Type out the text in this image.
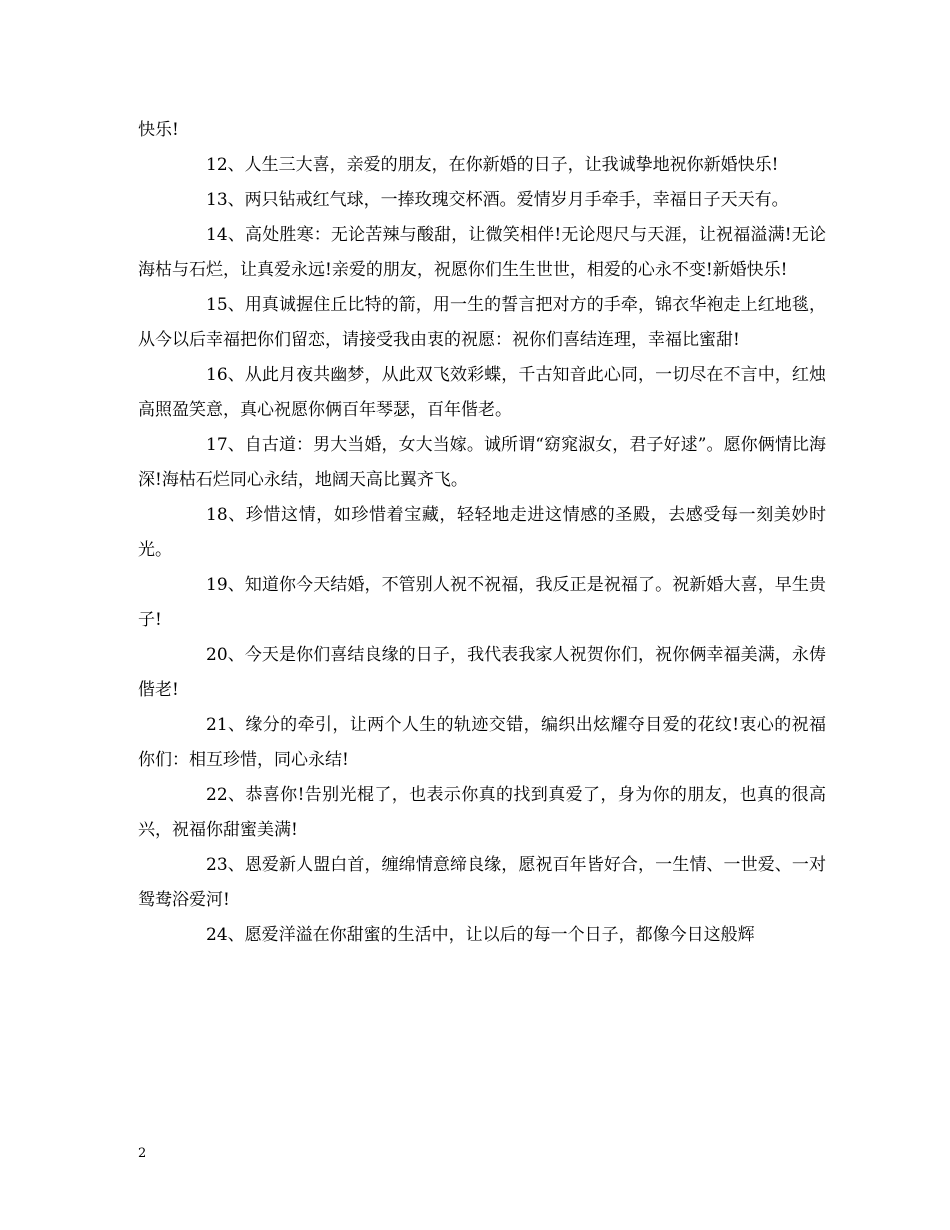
快乐!

12、人生三大喜，亲爱的朋友，在你新婚的日子，让我诚挚地祝你新婚快乐!

13、两只钻戒红气球，一捧玫瑰交杯酒。爱情岁月手牵手，幸福日子天天有。

14、高处胜寒：无论苦辣与酸甜，让微笑相伴!无论咫尺与天涯，让祝福溢满!无论海枯与石烂，让真爱永远!亲爱的朋友，祝愿你们生生世世，相爱的心永不变!新婚快乐!

15、用真诚握住丘比特的箭，用一生的誓言把对方的手牵，锦衣华袍走上红地毯，从今以后幸福把你们留恋，请接受我由衷的祝愿：祝你们喜结连理，幸福比蜜甜!

16、从此月夜共幽梦，从此双飞效彩蝶，千古知音此心同，一切尽在不言中，红烛高照盈笑意，真心祝愿你俩百年琴瑟，百年偕老。

17、自古道：男大当婚，女大当嫁。诚所谓“窈窕淑女，君子好逑”。愿你俩情比海深!海枯石烂同心永结，地阔天高比翼齐飞。

18、珍惜这情，如珍惜着宝藏，轻轻地走进这情感的圣殿，去感受每一刻美妙时光。

19、知道你今天结婚，不管别人祝不祝福，我反正是祝福了。祝新婚大喜，早生贵子!

20、今天是你们喜结良缘的日子，我代表我家人祝贺你们，祝你俩幸福美满，永俦偕老!

21、缘分的牵引，让两个人生的轨迹交错，编织出炫耀夺目爱的花纹!衷心的祝福你们：相互珍惜，同心永结!

22、恭喜你!告别光棍了，也表示你真的找到真爱了，身为你的朋友，也真的很高兴，祝福你甜蜜美满!

23、恩爱新人盟白首，缠绵情意缔良缘，愿祝百年皆好合，一生情、一世爱、一对鸳鸯浴爱河!

24、愿爱洋溢在你甜蜜的生活中，让以后的每一个日子，都像今日这般辉

2
